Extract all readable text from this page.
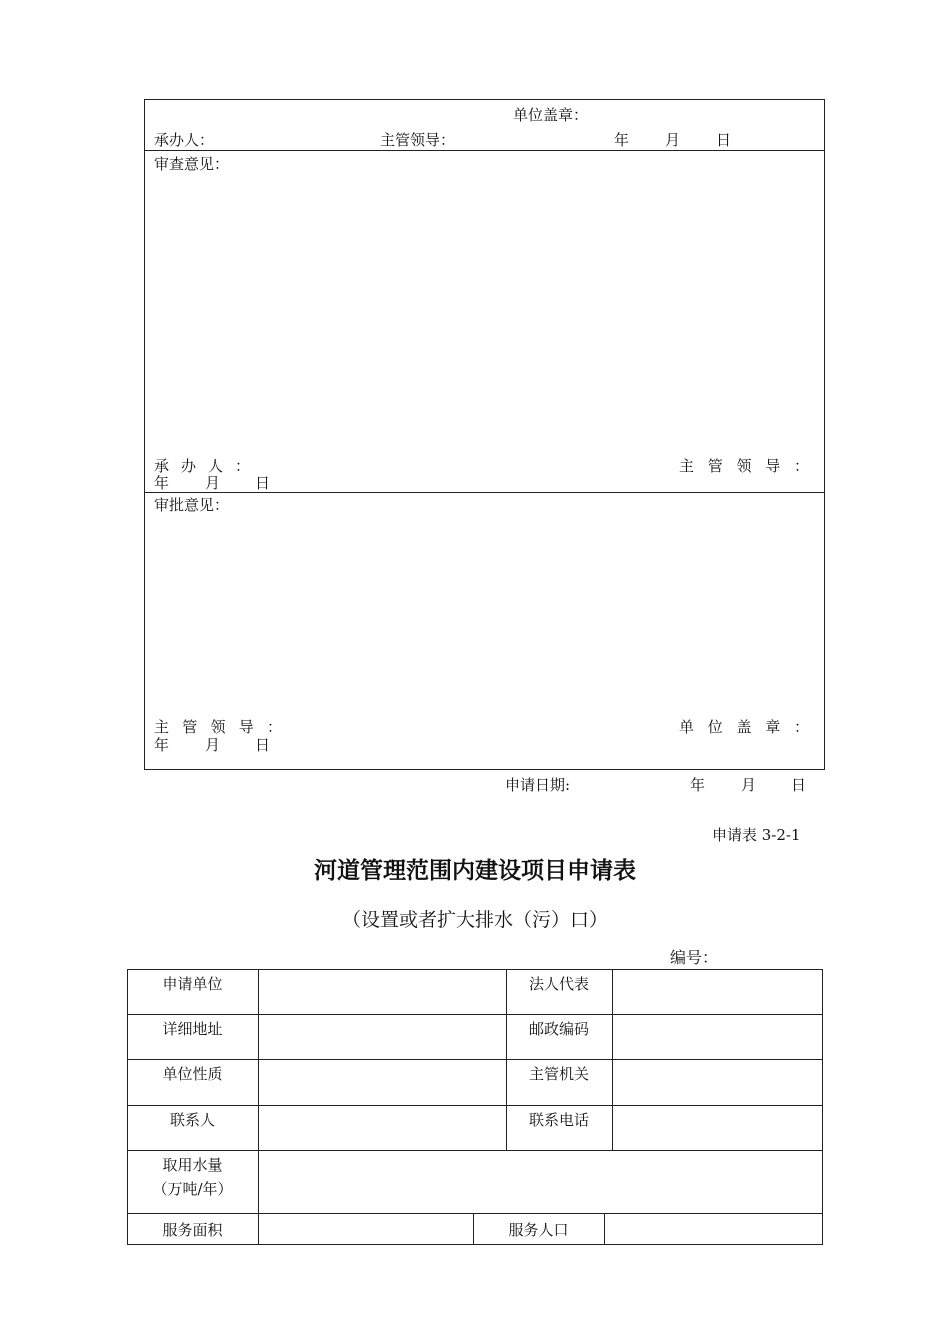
单位盖章：
承办人：	主管领导：	年 月 日
审查意见：
承 办 人 ：	主 管 领 导 ：
年 月 日
审批意见：
主 管 领 导 ：	单 位 盖 章 ：
年 月 日
申请日期:	年 月 日
申请表 3-2-1
河道管理范围内建设项目申请表
（设置或者扩大排水（污）口）
编号：
申请单位	法人代表
详细地址	邮政编码
单位性质	主管机关
联系人	联系电话
取用水量
（万吨/年）
服务面积	服务人口
